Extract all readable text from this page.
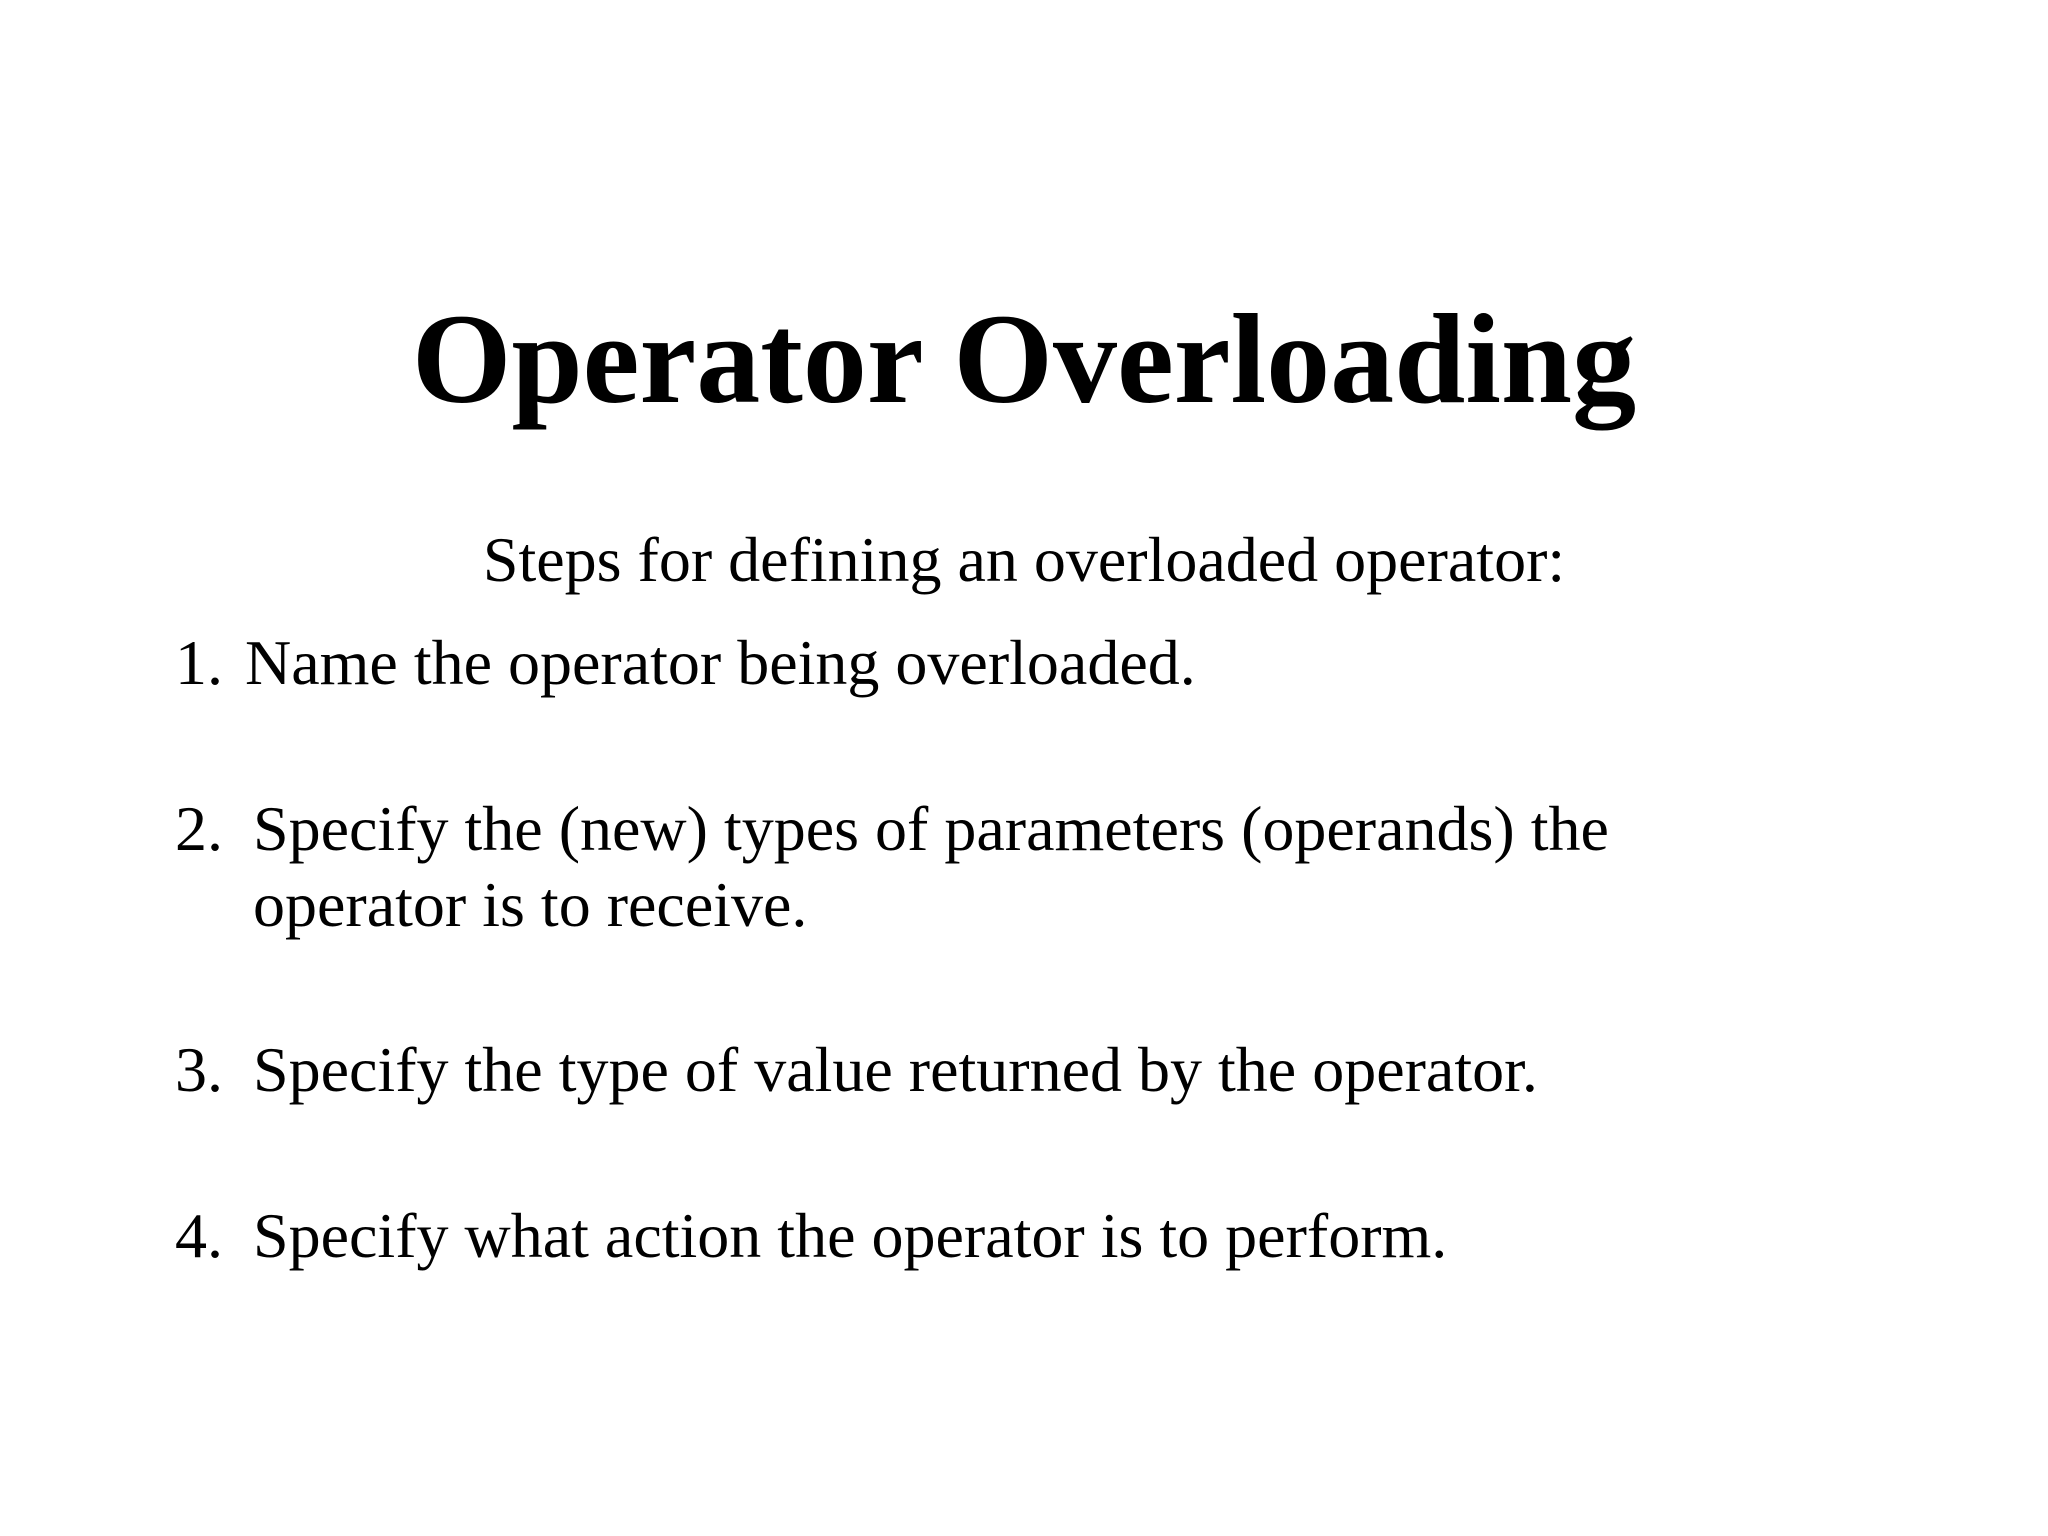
Operator Overloading

Steps for defining an overloaded operator:

1. Name the operator being overloaded.
2. Specify the (new) types of parameters (operands) the operator is to receive.
3. Specify the type of value returned by the operator.
4. Specify what action the operator is to perform.
